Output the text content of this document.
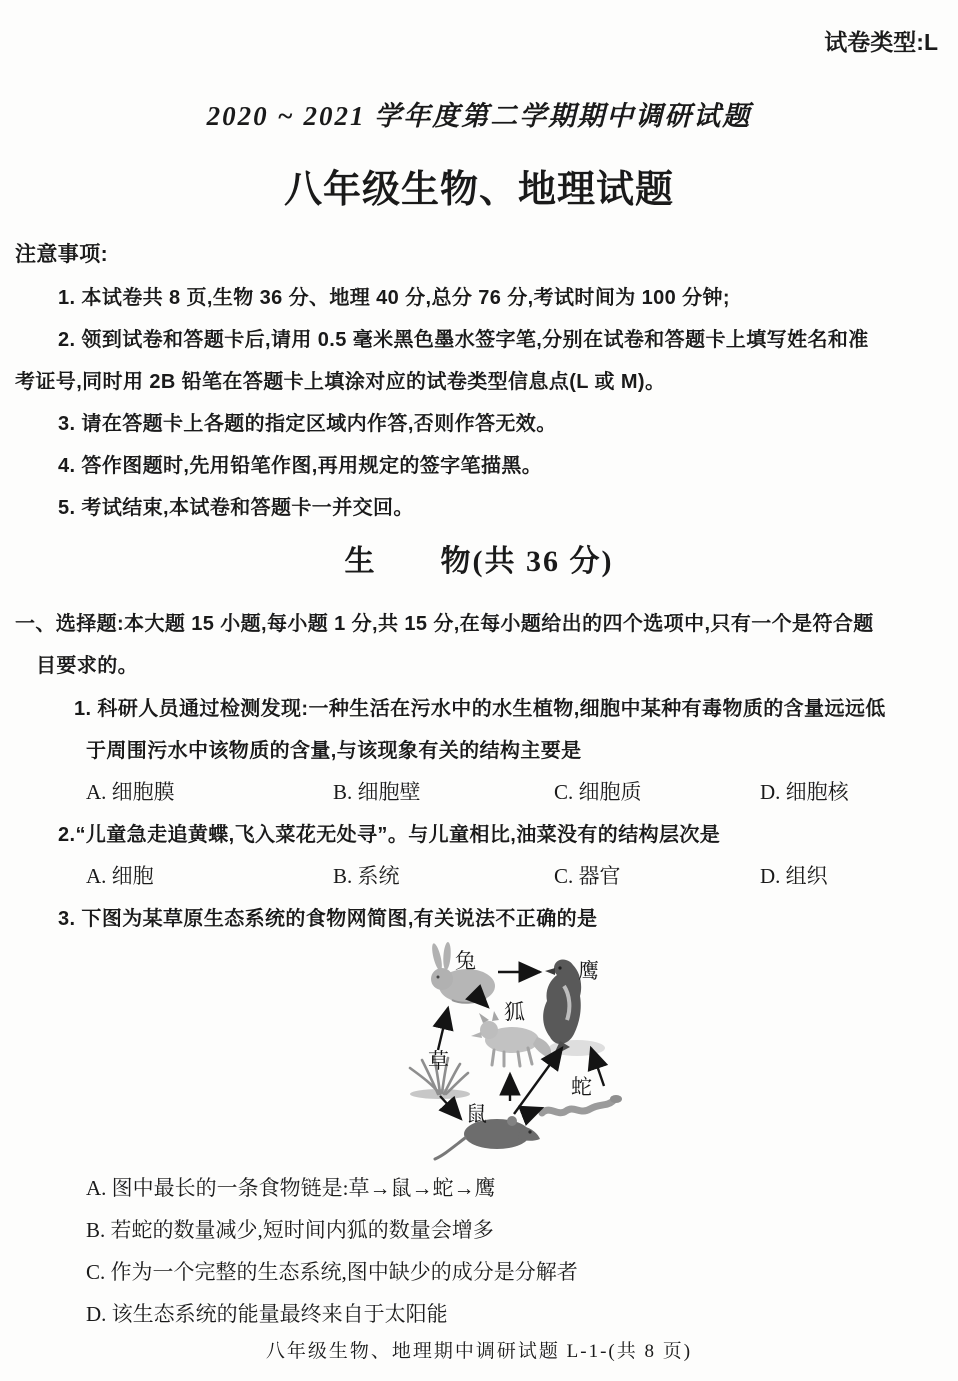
试卷类型:L
2020 ~ 2021 学年度第二学期期中调研试题
八年级生物、地理试题
注意事项:
1. 本试卷共 8 页,生物 36 分、地理 40 分,总分 76 分,考试时间为 100 分钟;
2. 领到试卷和答题卡后,请用 0.5 毫米黑色墨水签字笔,分别在试卷和答题卡上填写姓名和准
考证号,同时用 2B 铅笔在答题卡上填涂对应的试卷类型信息点(L 或 M)。
3. 请在答题卡上各题的指定区域内作答,否则作答无效。
4. 答作图题时,先用铅笔作图,再用规定的签字笔描黑。
5. 考试结束,本试卷和答题卡一并交回。
生　　物(共 36 分)
一、选择题:本大题 15 小题,每小题 1 分,共 15 分,在每小题给出的四个选项中,只有一个是符合题
目要求的。
1. 科研人员通过检测发现:一种生活在污水中的水生植物,细胞中某种有毒物质的含量远远低
于周围污水中该物质的含量,与该现象有关的结构主要是
A. 细胞膜	B. 细胞壁	C. 细胞质	D. 细胞核
2.“儿童急走追黄蝶,飞入菜花无处寻”。与儿童相比,油菜没有的结构层次是
A. 细胞	B. 系统	C. 器官	D. 组织
3. 下图为某草原生态系统的食物网简图,有关说法不正确的是
兔	鹰
狐
草
鼠
蛇
A. 图中最长的一条食物链是:草→鼠→蛇→鹰
B. 若蛇的数量减少,短时间内狐的数量会增多
C. 作为一个完整的生态系统,图中缺少的成分是分解者
D. 该生态系统的能量最终来自于太阳能
八年级生物、地理期中调研试题 L-1-(共 8 页)
